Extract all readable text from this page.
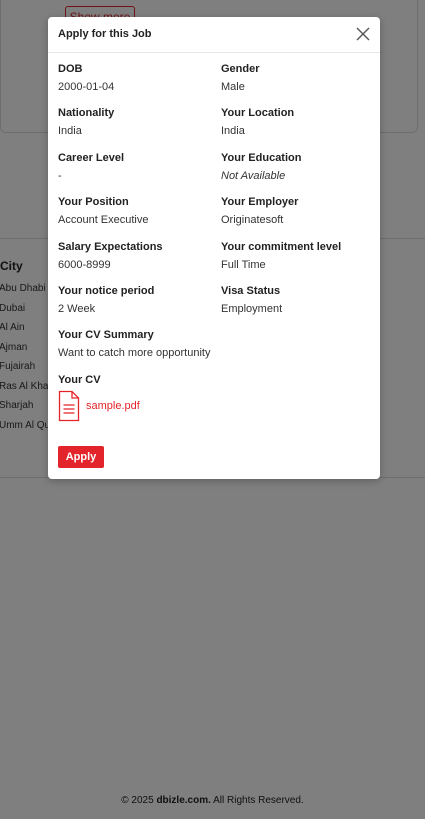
Apply for this Job
DOB
2000-01-04
Gender
Male
Nationality
India
Your Location
India
Career Level
-
Your Education
Not Available
Your Position
Account Executive
Your Employer
Originatesoft
Salary Expectations
6000-8999
Your commitment level
Full Time
Your notice period
2 Week
Visa Status
Employment
Your CV Summary
Want to catch more opportunity
Your CV
sample.pdf
Apply
